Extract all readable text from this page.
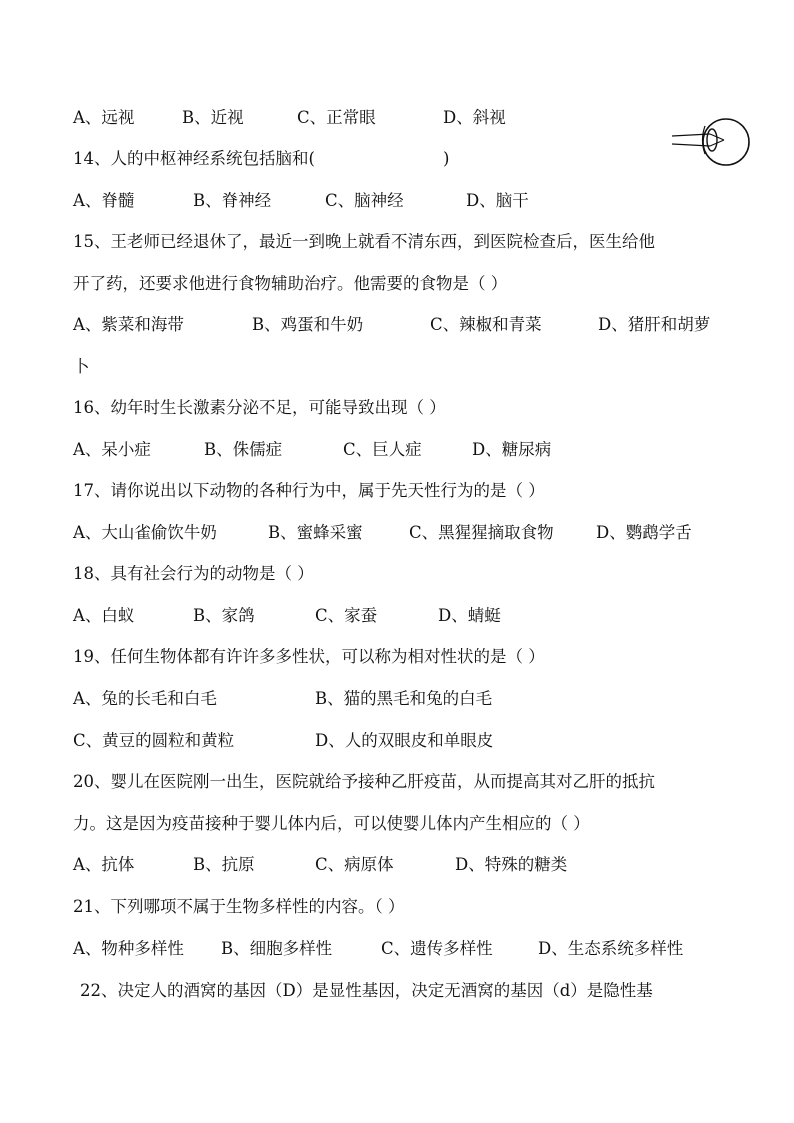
A、远视	B、近视	C、正常眼	D、斜视
14、人的中枢神经系统包括脑和(	)
A、脊髓	B、脊神经	C、脑神经	D、脑干
15、王老师已经退休了，最近一到晚上就看不清东西，到医院检查后，医生给他
开了药，还要求他进行食物辅助治疗。他需要的食物是（ ）
A、紫菜和海带	B、鸡蛋和牛奶	C、辣椒和青菜	D、猪肝和胡萝
卜
16、幼年时生长激素分泌不足，可能导致出现（ ）
A、呆小症	B、侏儒症	C、巨人症	D、糖尿病
17、请你说出以下动物的各种行为中，属于先天性行为的是（ ）
A、大山雀偷饮牛奶	B、蜜蜂采蜜	C、黑猩猩摘取食物	D、鹦鹉学舌
18、具有社会行为的动物是（ ）
A、白蚁	B、家鸽	C、家蚕	D、蜻蜓
19、任何生物体都有许许多多性状，可以称为相对性状的是（ ）
A、兔的长毛和白毛	B、猫的黑毛和兔的白毛
C、黄豆的圆粒和黄粒	D、人的双眼皮和单眼皮
20、婴儿在医院刚一出生，医院就给予接种乙肝疫苗，从而提高其对乙肝的抵抗
力。这是因为疫苗接种于婴儿体内后，可以使婴儿体内产生相应的（ ）
A、抗体	B、抗原	C、病原体	D、特殊的糖类
21、下列哪项不属于生物多样性的内容。（ ）
A、物种多样性 B、细胞多样性	C、遗传多样性	D、生态系统多样性
22、决定人的酒窝的基因（D）是显性基因，决定无酒窝的基因（d）是隐性基
